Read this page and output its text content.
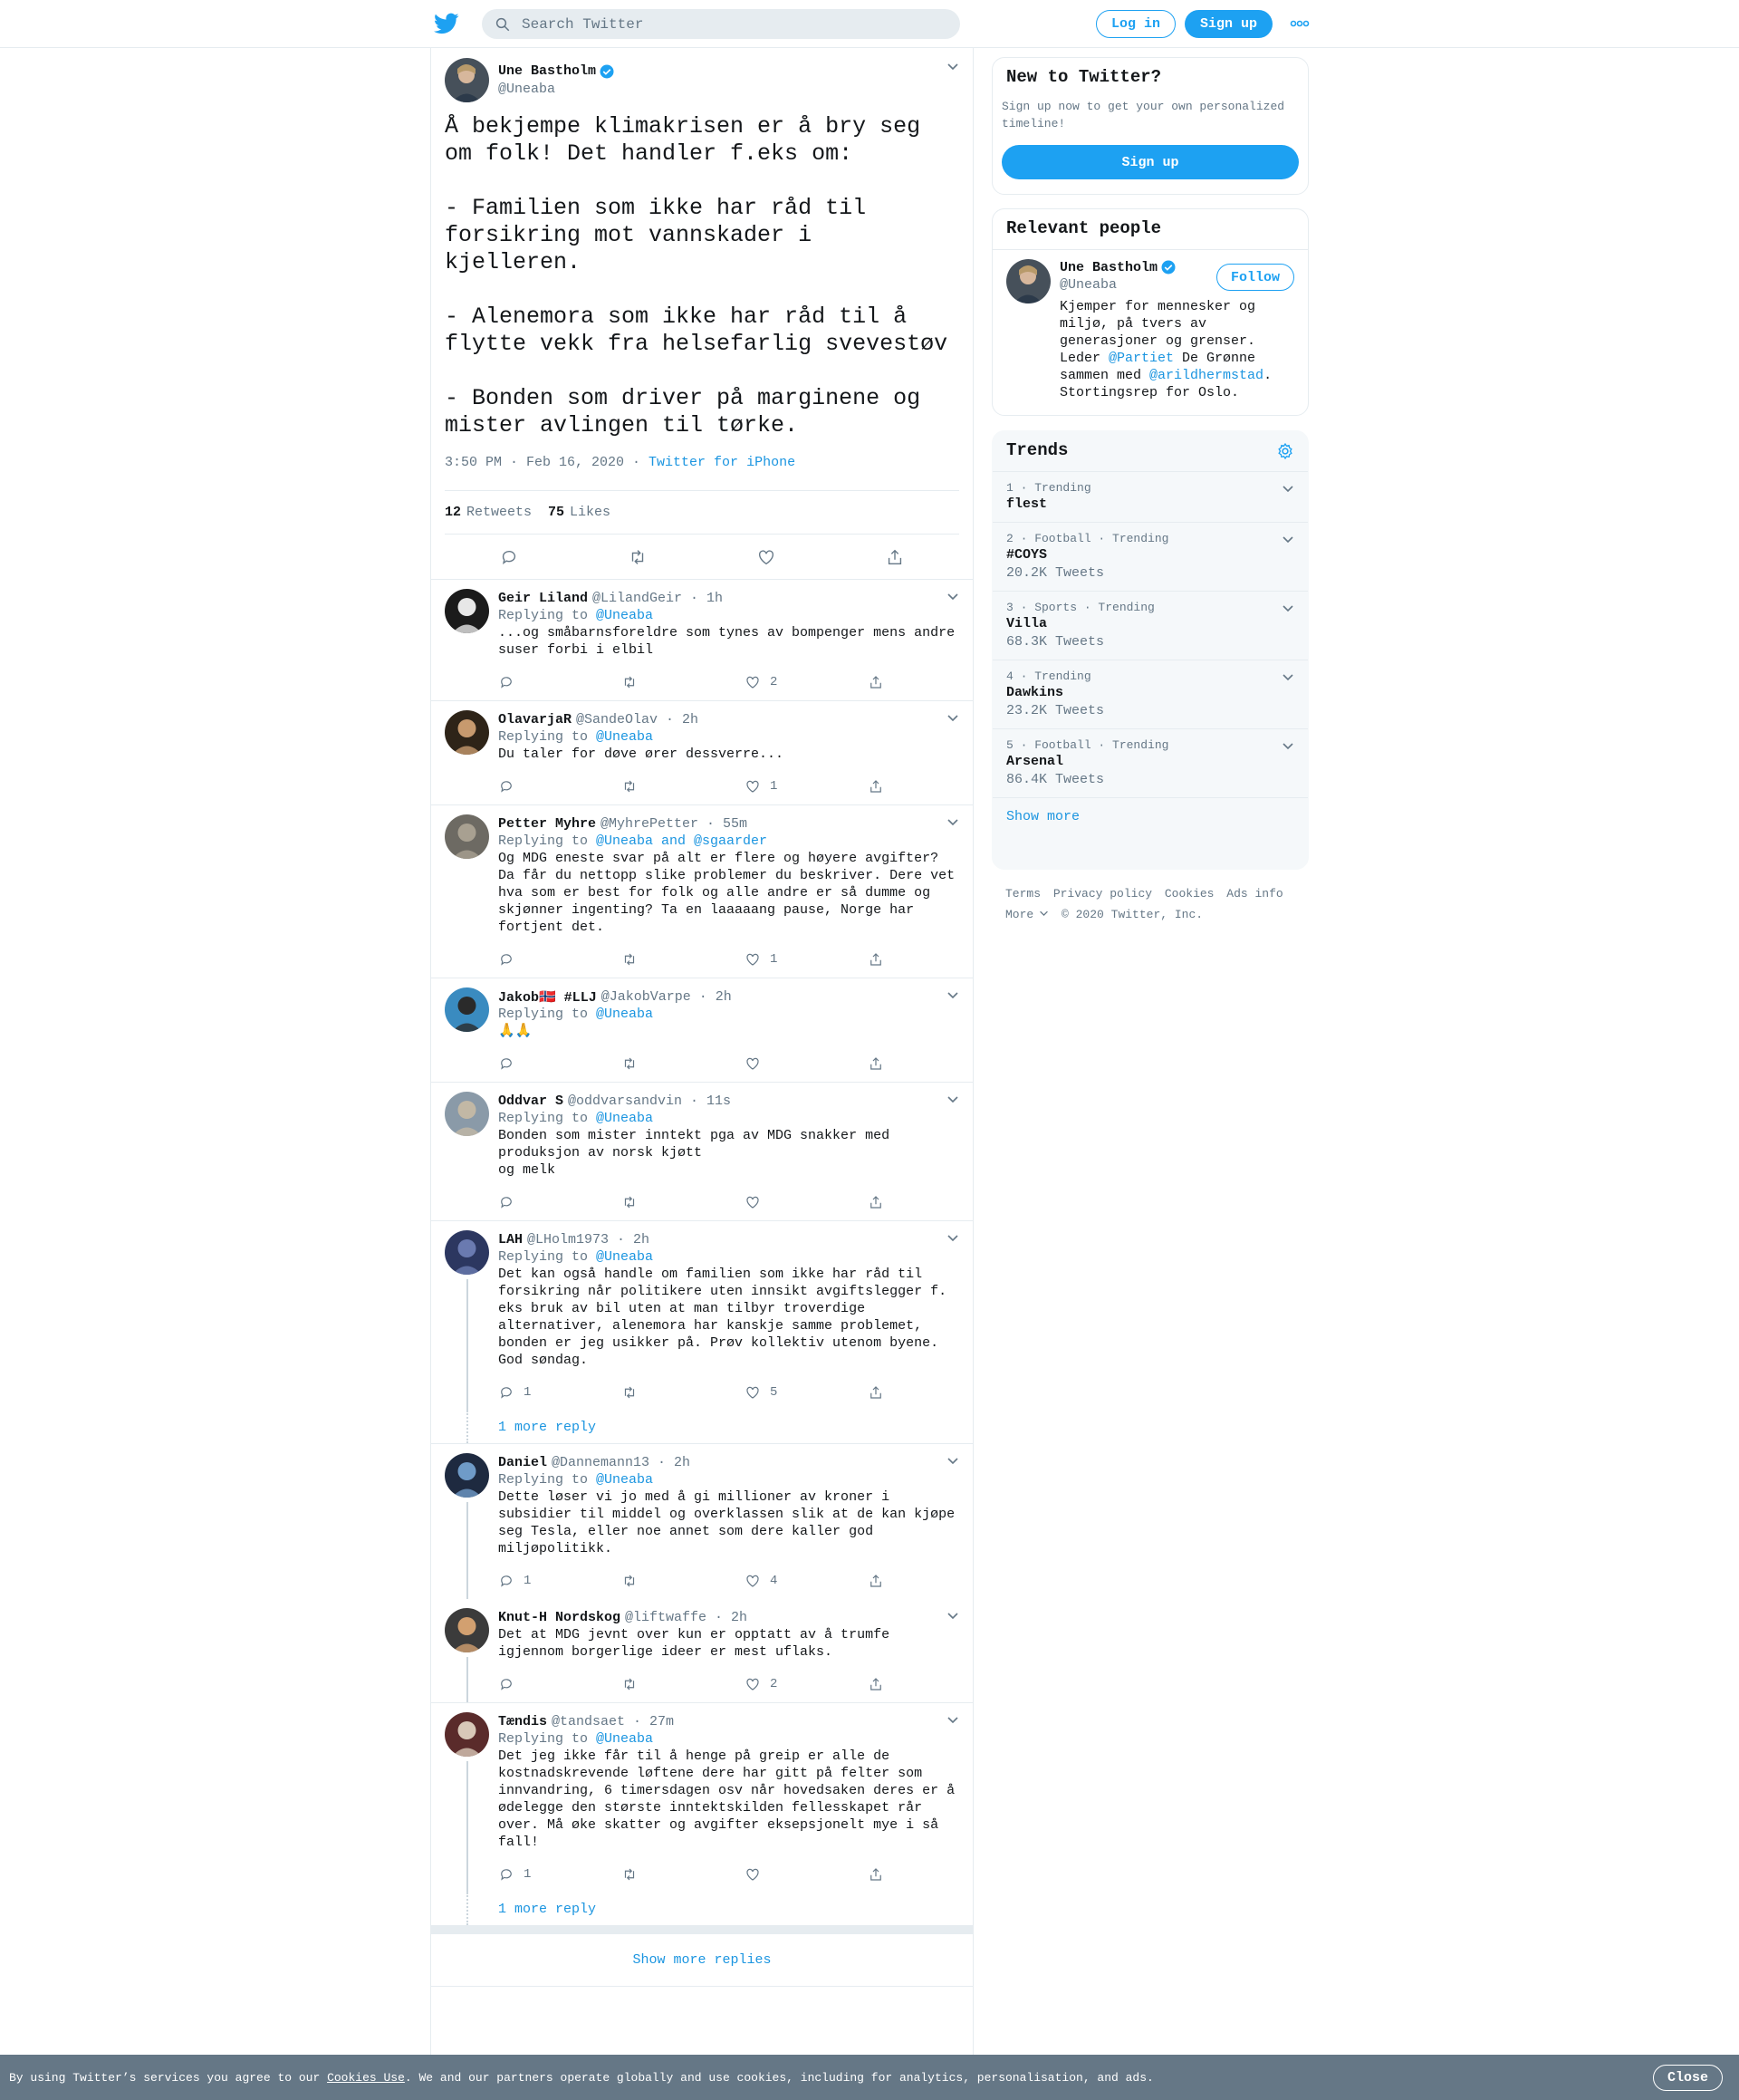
Search Twitter
Log in	Sign up
Une Bastholm
@Uneaba
Å bekjempe klimakrisen er å bry seg om folk! Det handler f.eks om:

- Familien som ikke har råd til forsikring mot vannskader i kjelleren.

- Alenemora som ikke har råd til å flytte vekk fra helsefarlig svevestøv

- Bonden som driver på marginene og mister avlingen til tørke.
3:50 PM · Feb 16, 2020 · Twitter for iPhone
12 Retweets 75 Likes
Geir Liland @LilandGeir · 1h
Replying to @Uneaba
...og småbarnsforeldre som tynes av bompenger mens andre suser forbi i elbil
2
OlavarjaR @SandeOlav · 2h
Replying to @Uneaba
Du taler for døve ører dessverre...
1
Petter Myhre @MyhrePetter · 55m
Replying to @Uneaba and @sgaarder
Og MDG eneste svar på alt er flere og høyere avgifter? Da får du nettopp slike problemer du beskriver. Dere vet hva som er best for folk og alle andre er så dumme og skjønner ingenting? Ta en laaaaang pause, Norge har fortjent det.
1
Jakob🇳🇴 #LLJ @JakobVarpe · 2h
Replying to @Uneaba
🙏🙏
Oddvar S @oddvarsandvin · 11s
Replying to @Uneaba
Bonden som mister inntekt pga av MDG snakker med produksjon av norsk kjøtt
og melk
LAH @LHolm1973 · 2h
Replying to @Uneaba
Det kan også handle om familien som ikke har råd til forsikring når politikere uten innsikt avgiftslegger f. eks bruk av bil uten at man tilbyr troverdige alternativer, alenemora har kanskje samme problemet, bonden er jeg usikker på. Prøv kollektiv utenom byene. God søndag.
1	5
1 more reply
Daniel @Dannemann13 · 2h
Replying to @Uneaba
Dette løser vi jo med å gi millioner av kroner i subsidier til middel og overklassen slik at de kan kjøpe seg Tesla, eller noe annet som dere kaller god miljøpolitikk.
1	4
Knut-H Nordskog @liftwaffe · 2h
Det at MDG jevnt over kun er opptatt av å trumfe igjennom borgerlige ideer er mest uflaks.
2
Tændis @tandsaet · 27m
Replying to @Uneaba
Det jeg ikke får til å henge på greip er alle de kostnadskrevende løftene dere har gitt på felter som innvandring, 6 timersdagen osv når hovedsaken deres er å ødelegge den største inntektskilden fellesskapet rår over. Må øke skatter og avgifter eksepsjonelt mye i så fall!
1
1 more reply
Show more replies
New to Twitter?

Sign up now to get your own personalized timeline!

Sign up
Relevant people
Une Bastholm
@Uneaba
Kjemper for mennesker og miljø, på tvers av generasjoner og grenser. Leder @Partiet De Grønne sammen med @arildhermstad. Stortingsrep for Oslo.
Follow
Trends
1 · Trending
flest
2 · Football · Trending
#COYS
20.2K Tweets
3 · Sports · Trending
Villa
68.3K Tweets
4 · Trending
Dawkins
23.2K Tweets
5 · Football · Trending
Arsenal
86.4K Tweets
Show more
Terms Privacy policy Cookies Ads info
More © 2020 Twitter, Inc.
By using Twitter’s services you agree to our Cookies Use. We and our partners operate globally and use cookies, including for analytics, personalisation, and ads.	Close
